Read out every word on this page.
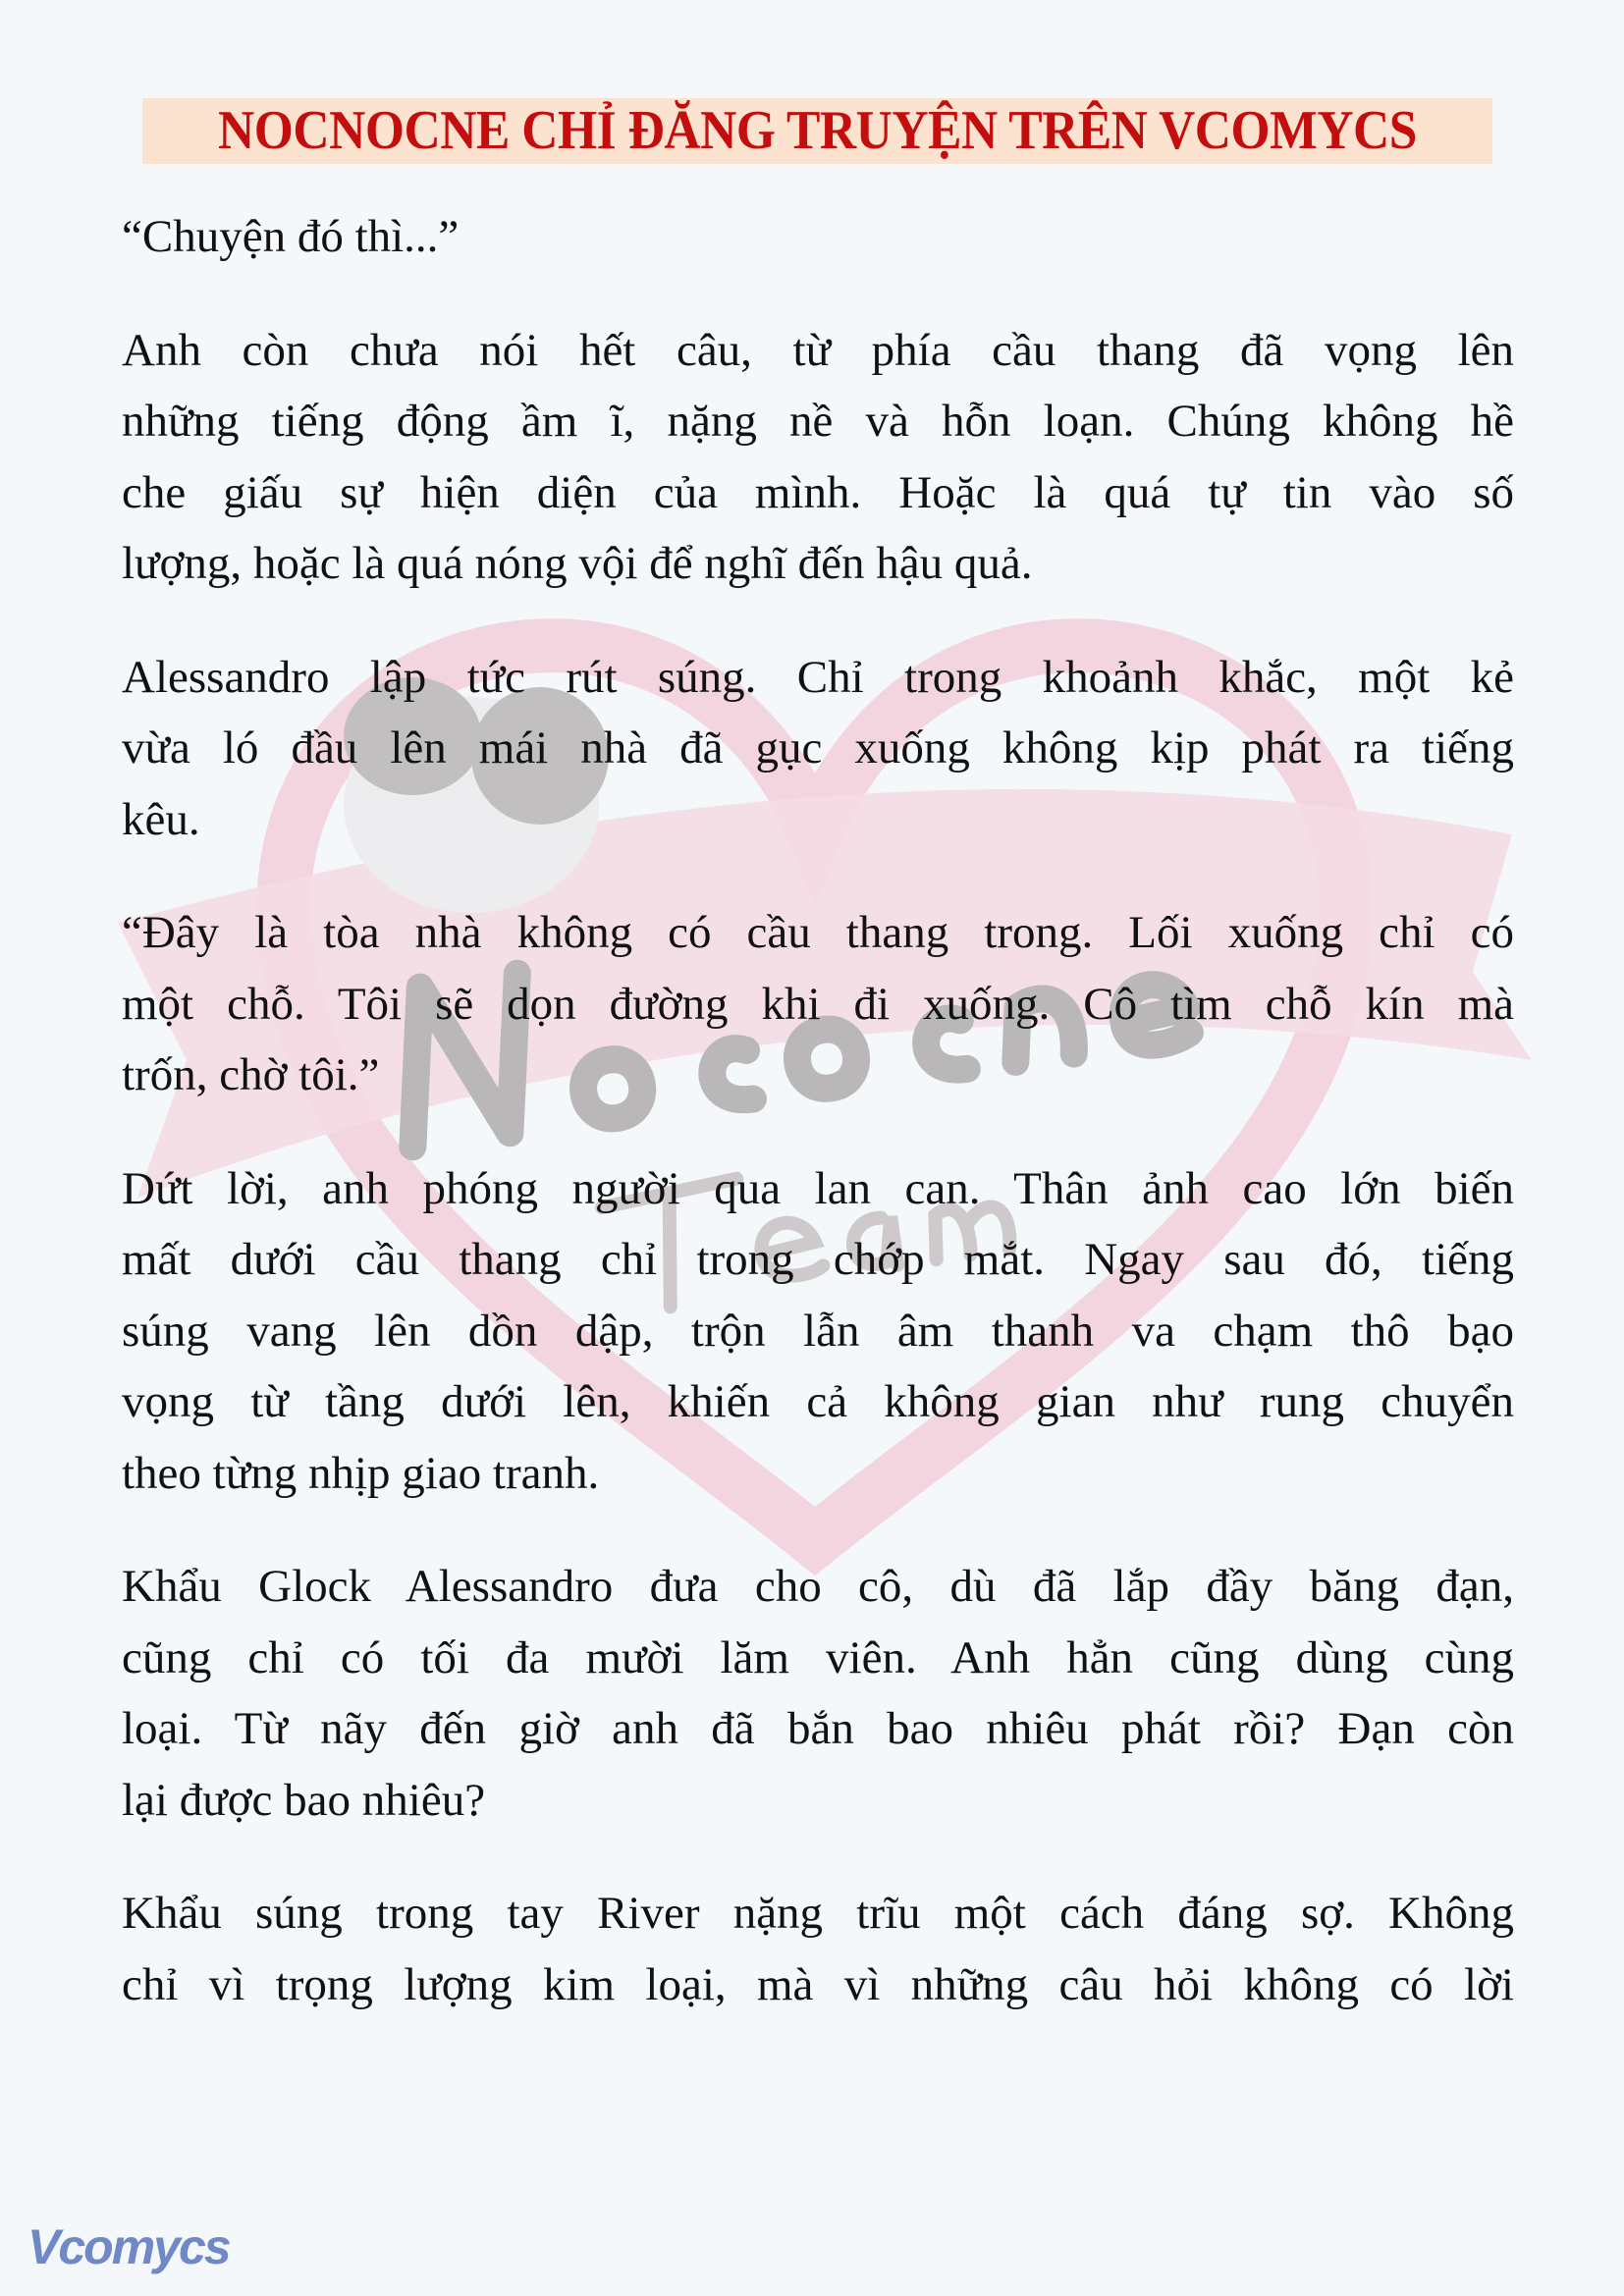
NOCNOCNE CHỈ ĐĂNG TRUYỆN TRÊN VCOMYCS
“Chuyện đó thì...”
Anh còn chưa nói hết câu, từ phía cầu thang đã vọng lên
những tiếng động ầm ĩ, nặng nề và hỗn loạn. Chúng không hề
che giấu sự hiện diện của mình. Hoặc là quá tự tin vào số
lượng, hoặc là quá nóng vội để nghĩ đến hậu quả.
Alessandro lập tức rút súng. Chỉ trong khoảnh khắc, một kẻ
vừa ló đầu lên mái nhà đã gục xuống không kịp phát ra tiếng
kêu.
“Đây là tòa nhà không có cầu thang trong. Lối xuống chỉ có
một chỗ. Tôi sẽ dọn đường khi đi xuống. Cô tìm chỗ kín mà
trốn, chờ tôi.”
Dứt lời, anh phóng người qua lan can. Thân ảnh cao lớn biến
mất dưới cầu thang chỉ trong chớp mắt. Ngay sau đó, tiếng
súng vang lên dồn dập, trộn lẫn âm thanh va chạm thô bạo
vọng từ tầng dưới lên, khiến cả không gian như rung chuyển
theo từng nhịp giao tranh.
Khẩu Glock Alessandro đưa cho cô, dù đã lắp đầy băng đạn,
cũng chỉ có tối đa mười lăm viên. Anh hẳn cũng dùng cùng
loại. Từ nãy đến giờ anh đã bắn bao nhiêu phát rồi? Đạn còn
lại được bao nhiêu?
Khẩu súng trong tay River nặng trĩu một cách đáng sợ. Không
chỉ vì trọng lượng kim loại, mà vì những câu hỏi không có lời
Vcomycs
